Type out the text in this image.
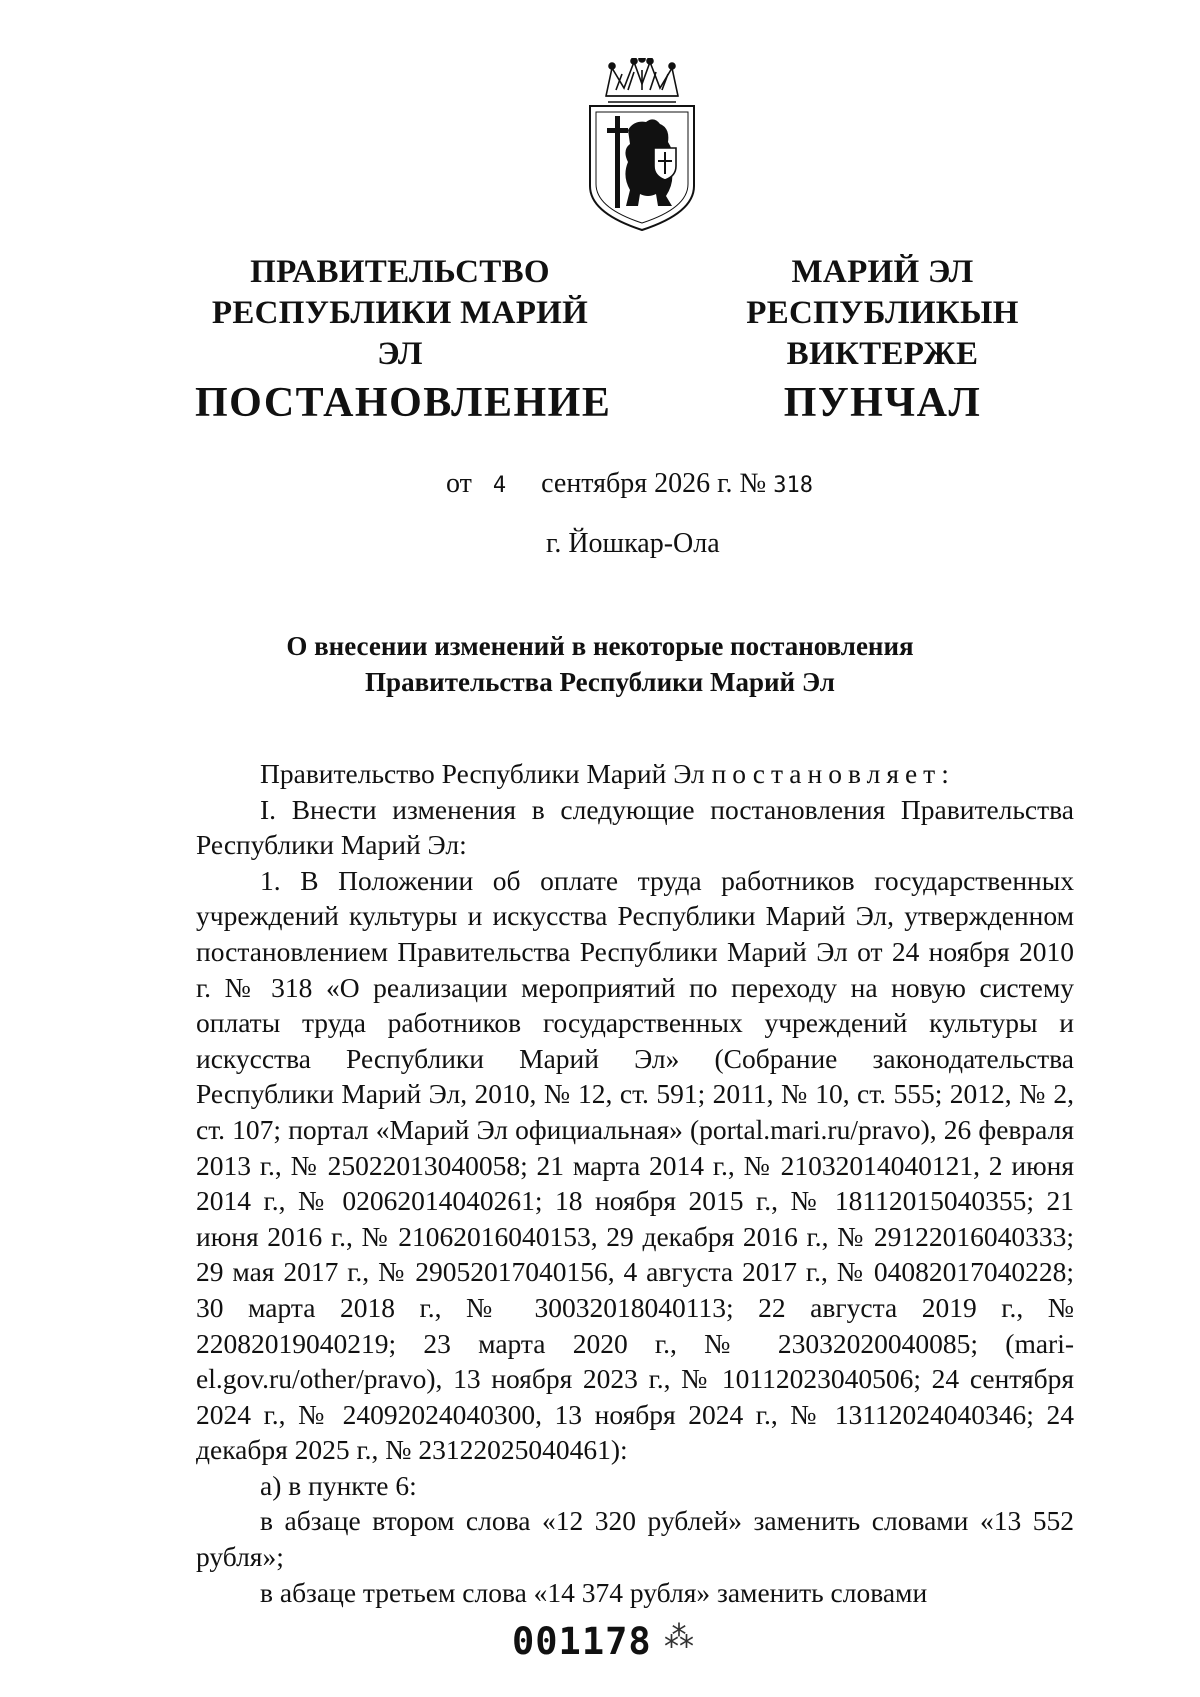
ПРАВИТЕЛЬСТВО
РЕСПУБЛИКИ МАРИЙ ЭЛ
ПОСТАНОВЛЕНИЕ
МАРИЙ ЭЛ РЕСПУБЛИКЫН
ВИКТЕРЖЕ
ПУНЧАЛ
от 4 сентября 2026 г. № 318
г. Йошкар-Ола
О внесении изменений в некоторые постановления
Правительства Республики Марий Эл

Правительство Республики Марий Эл постановляет:

I. Внести изменения в следующие постановления Правительства Республики Марий Эл:

1. В Положении об оплате труда работников государственных учреждений культуры и искусства Республики Марий Эл, утвержденном постановлением Правительства Республики Марий Эл от 24 ноября 2010 г. № 318 «О реализации мероприятий по переходу на новую систему оплаты труда работников государственных учреждений культуры и искусства Республики Марий Эл» (Собрание законодательства Республики Марий Эл, 2010, № 12, ст. 591; 2011, № 10, ст. 555; 2012, № 2, ст. 107; портал «Марий Эл официальная» (portal.mari.ru/pravo), 26 февраля 2013 г., № 25022013040058; 21 марта 2014 г., № 21032014040121, 2 июня 2014 г., № 02062014040261; 18 ноября 2015 г., № 18112015040355; 21 июня 2016 г., № 21062016040153, 29 декабря 2016 г., № 29122016040333; 29 мая 2017 г., № 29052017040156, 4 августа 2017 г., № 04082017040228; 30 марта 2018 г., № 30032018040113; 22 августа 2019 г., № 22082019040219; 23 марта 2020 г., № 23032020040085; (mari-el.gov.ru/other/pravo), 13 ноября 2023 г., № 10112023040506; 24 сентября 2024 г., № 24092024040300, 13 ноября 2024 г., № 13112024040346; 24 декабря 2025 г., № 23122025040461):

а) в пункте 6:

в абзаце втором слова «12 320 рублей» заменить словами «13 552 рубля»;

в абзаце третьем слова «14 374 рубля» заменить словами

001178 ⁂
